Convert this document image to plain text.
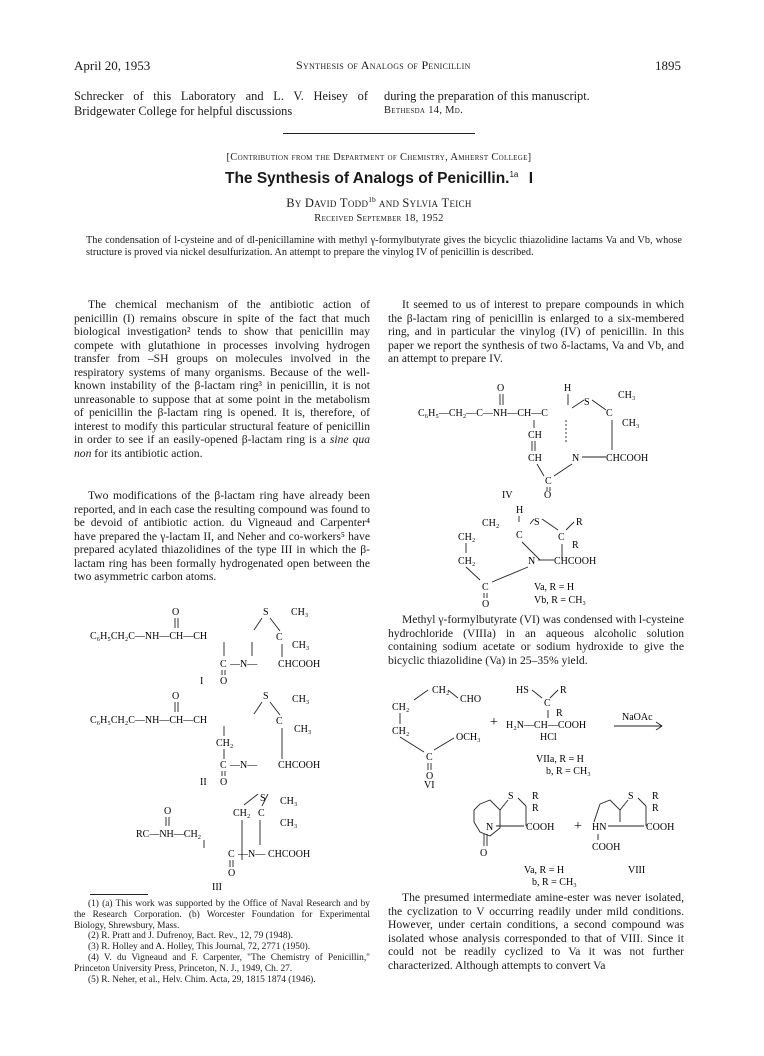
April 20, 1953	Synthesis of Analogs of Penicillin	1895
Schrecker of this Laboratory and L. V. Heisey of Bridgewater College for helpful discussions
during the preparation of this manuscript.
Bethesda 14, Md.
[Contribution from the Department of Chemistry, Amherst College]
The Synthesis of Analogs of Penicillin.$^{1a}$ I
By David Todd$^{1b}$ and Sylvia Teich
Received September 18, 1952
The condensation of l-cysteine and of dl-penicillamine with methyl γ-formylbutyrate gives the bicyclic thiazolidine lactams Va and Vb, whose structure is proved via nickel desulfurization. An attempt to prepare the vinylog IV of penicillin is described.
The chemical mechanism of the antibiotic action of penicillin (I) remains obscure in spite of the fact that much biological investigation² tends to show that penicillin may compete with glutathione in processes involving hydrogen transfer from –SH groups on molecules involved in the respiratory systems of many organisms. Because of the well-known instability of the β-lactam ring³ in penicillin, it is not unreasonable to suppose that at some point in the metabolism of penicillin the β-lactam ring is opened. It is, therefore, of interest to modify this particular structural feature of penicillin in order to see if an easily-opened β-lactam ring is a sine qua non for its antibiotic action.
Two modifications of the β-lactam ring have already been reported, and in each case the resulting compound was found to be devoid of antibiotic action. du Vigneaud and Carpenter⁴ have prepared the γ-lactam II, and Neher and co-workers⁵ have prepared acylated thiazolidines of the type III in which the β-lactam ring has been formally hydrogenated open between the two asymmetric carbon atoms.
O
C₆H₅CH₂C—NH—CH—CH
S CH₃
C
CH₃
C —N— CHCOOH
I O
O
C₆H₅CH₂C—NH—CH—CH
S CH₃
C
CH₃
CH₂
C —N— CHCOOH
II O
S CH₃
CH₂ C
CH₃
O
RC—NH—CH₂
C —N— CHCOOH
O
III
(1) (a) This work was supported by the Office of Naval Research and by the Research Corporation. (b) Worcester Foundation for Experimental Biology, Shrewsbury, Mass.
(2) R. Pratt and J. Dufrenoy, Bact. Rev., 12, 79 (1948).
(3) R. Holley and A. Holley, This Journal, 72, 2771 (1950).
(4) V. du Vigneaud and F. Carpenter, "The Chemistry of Penicillin," Princeton University Press, Princeton, N. J., 1949, Ch. 27.
(5) R. Neher, et al., Helv. Chim. Acta, 29, 1815 1874 (1946).
It seemed to us of interest to prepare compounds in which the β-lactam ring of penicillin is enlarged to a six-membered ring, and in particular the vinylog (IV) of penicillin. In this paper we report the synthesis of two δ-lactams, Va and Vb, and an attempt to prepare IV.
O	H
CH₃
S
C₆H₅—CH₂—C—NH—CH—C	C
CH₃
CH
CH	N	CHCOOH
C
IV	O
H
CH₂	S	R
CH₂	C	C
R
CH₂	N CHCOOH
C
O
Va, R = H
Vb, R = CH₃
Methyl γ-formylbutyrate (VI) was condensed with l-cysteine hydrochloride (VIIIa) in an aqueous alcoholic solution containing sodium acetate or sodium hydroxide to give the bicyclic thiazolidine (Va) in 25–35% yield.
CH₂
CHO
CH₂
CH₂
OCH₃
C
O
VI
HS	R
C
R
+ H₂N—CH—COOH
HCl
NaOAc
VIIa, R = H
b, R = CH₃
S R
R
N	COOH
O
+
S R
R
HN	COOH
COOH
Va, R = H
b, R = CH₃
VIII
The presumed intermediate amine-ester was never isolated, the cyclization to V occurring readily under mild conditions. However, under certain conditions, a second compound was isolated whose analysis corresponded to that of VIII. Since it could not be readily cyclized to Va it was not further characterized. Although attempts to convert Va
